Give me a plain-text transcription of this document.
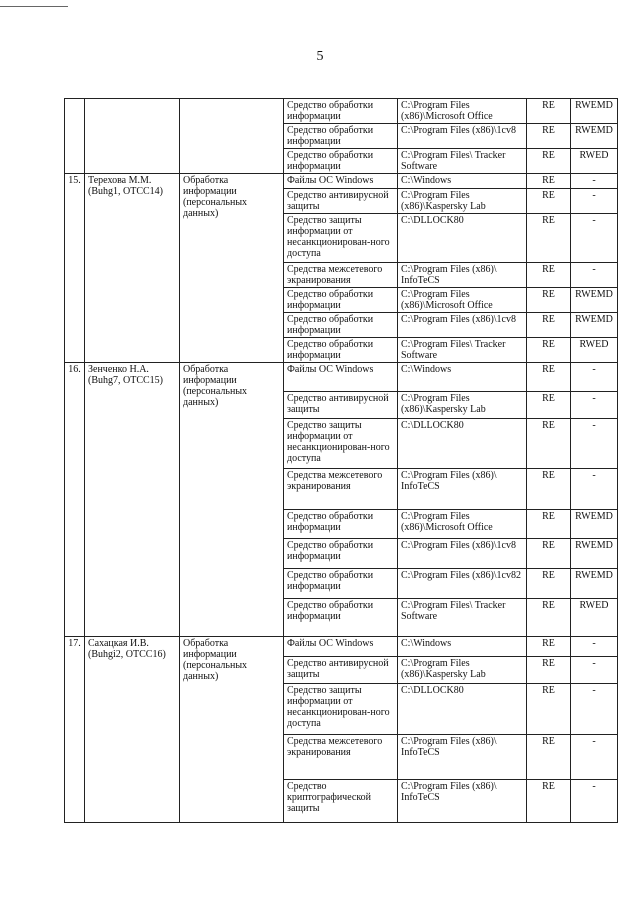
5
			Средство обработки информации	C:\Program Files (x86)\Microsoft Office	RE	RWEMD
			Средство обработки информации	C:\Program Files (x86)\1cv8	RE	RWEMD
			Средство обработки информации	C:\Program Files\ Tracker Software	RE	RWED
15.	Терехова М.М. (Buhg1, OTCC14)	Обработка информации (персональных данных)	Файлы ОС Windows	C:\Windows	RE	-
			Средство антивирусной защиты	C:\Program Files (x86)\Kaspersky Lab	RE	-
			Средство защиты информации от несанкционирован-ного доступа	C:\DLLOCK80	RE	-
			Средства межсетевого экранирования	C:\Program Files (x86)\ InfoTeCS	RE	-
			Средство обработки информации	C:\Program Files (x86)\Microsoft Office	RE	RWEMD
			Средство обработки информации	C:\Program Files (x86)\1cv8	RE	RWEMD
			Средство обработки информации	C:\Program Files\ Tracker Software	RE	RWED
16.	Зенченко Н.А. (Buhg7, OTCC15)	Обработка информации (персональных данных)	Файлы ОС Windows	C:\Windows	RE	-
			Средство антивирусной защиты	C:\Program Files (x86)\Kaspersky Lab	RE	-
			Средство защиты информации от несанкционирован-ного доступа	C:\DLLOCK80	RE	-
			Средства межсетевого экранирования	C:\Program Files (x86)\ InfoTeCS	RE	-
			Средство обработки информации	C:\Program Files (x86)\Microsoft Office	RE	RWEMD
			Средство обработки информации	C:\Program Files (x86)\1cv8	RE	RWEMD
			Средство обработки информации	C:\Program Files (x86)\1cv82	RE	RWEMD
			Средство обработки информации	C:\Program Files\ Tracker Software	RE	RWED
17.	Сахацкая И.В. (Buhgi2, OTCC16)	Обработка информации (персональных данных)	Файлы ОС Windows	C:\Windows	RE	-
			Средство антивирусной защиты	C:\Program Files (x86)\Kaspersky Lab	RE	-
			Средство защиты информации от несанкционирован-ного доступа	C:\DLLOCK80	RE	-
			Средства межсетевого экранирования	C:\Program Files (x86)\ InfoTeCS	RE	-
			Средство криптографической защиты	C:\Program Files (x86)\ InfoTeCS	RE	-
